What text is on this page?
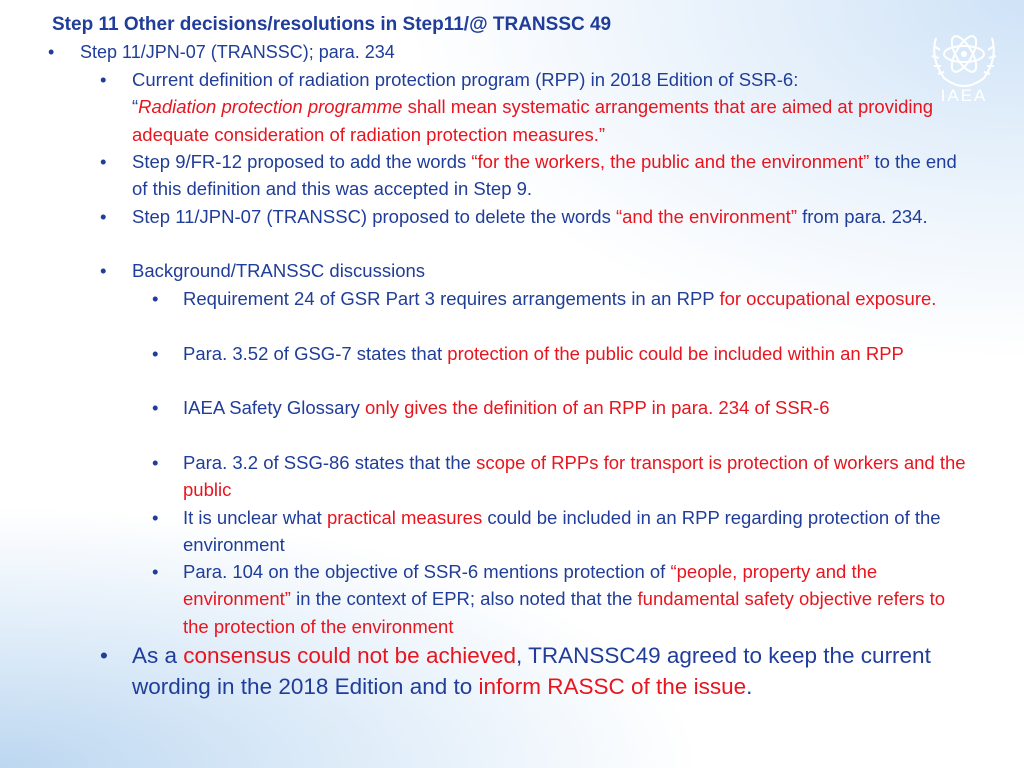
IAEA
Step 11 Other decisions/resolutions in Step11/@ TRANSSC 49
•	Step 11/JPN-07 (TRANSSC); para. 234
• Current definition of radiation protection program (RPP) in 2018 Edition of SSR-6:
“Radiation protection programme shall mean systematic arrangements that are aimed at providing adequate consideration of radiation protection measures.”
• Step 9/FR-12 proposed to add the words “for the workers, the public and the environment” to the end of this definition and this was accepted in Step 9.
• Step 11/JPN-07 (TRANSSC) proposed to delete the words “and the environment” from para. 234.
• Background/TRANSSC discussions
• Requirement 24 of GSR Part 3 requires arrangements in an RPP for occupational exposure.
• Para. 3.52 of GSG-7 states that protection of the public could be included within an RPP
• IAEA Safety Glossary only gives the definition of an RPP in para. 234 of SSR-6
• Para. 3.2 of SSG-86 states that the scope of RPPs for transport is protection of workers and the public
• It is unclear what practical measures could be included in an RPP regarding protection of the environment
• Para. 104 on the objective of SSR-6 mentions protection of “people, property and the environment” in the context of EPR; also noted that the fundamental safety objective refers to the protection of the environment
• As a consensus could not be achieved, TRANSSC49 agreed to keep the current wording in the 2018 Edition and to inform RASSC of the issue.
